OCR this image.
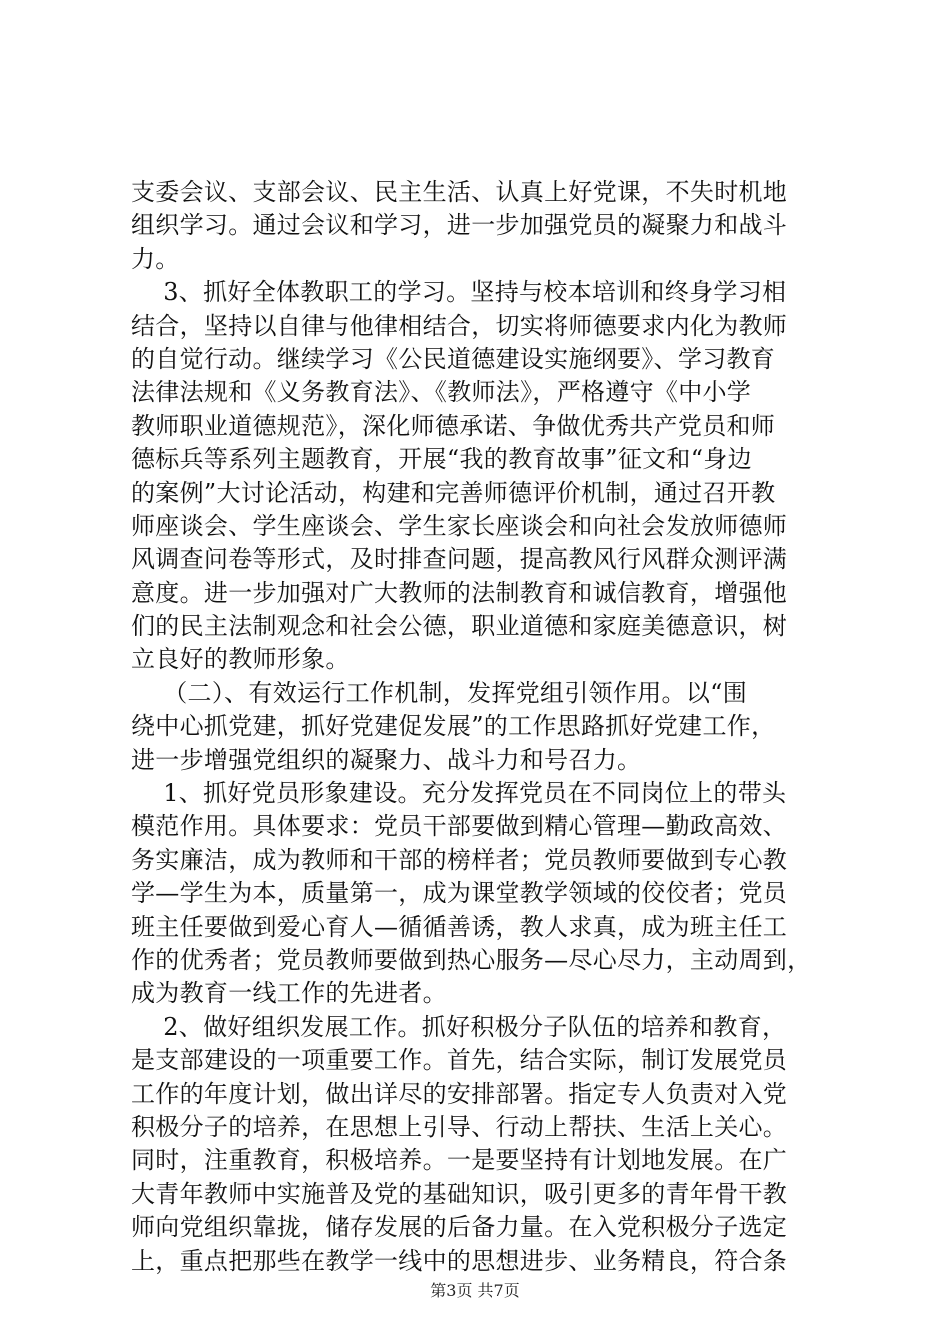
支委会议、支部会议、民主生活、认真上好党课，不失时机地
组织学习。通过会议和学习，进一步加强党员的凝聚力和战斗
力。
　 3、抓好全体教职工的学习。坚持与校本培训和终身学习相
结合，坚持以自律与他律相结合，切实将师德要求内化为教师
的自觉行动。继续学习《公民道德建设实施纲要》、学习教育
法律法规和《义务教育法》、《教师法》，严格遵守《中小学
教师职业道德规范》，深化师德承诺、争做优秀共产党员和师
德标兵等系列主题教育，开展“我的教育故事”征文和“身边
的案例”大讨论活动，构建和完善师德评价机制，通过召开教
师座谈会、学生座谈会、学生家长座谈会和向社会发放师德师
风调查问卷等形式，及时排查问题，提高教风行风群众测评满
意度。进一步加强对广大教师的法制教育和诚信教育，增强他
们的民主法制观念和社会公德，职业道德和家庭美德意识，树
立良好的教师形象。
　 （二）、有效运行工作机制，发挥党组引领作用。以“围
绕中心抓党建，抓好党建促发展”的工作思路抓好党建工作，
进一步增强党组织的凝聚力、战斗力和号召力。
　 1、抓好党员形象建设。充分发挥党员在不同岗位上的带头
模范作用。具体要求：党员干部要做到精心管理—勤政高效、
务实廉洁，成为教师和干部的榜样者；党员教师要做到专心教
学—学生为本，质量第一，成为课堂教学领域的佼佼者；党员
班主任要做到爱心育人—循循善诱，教人求真，成为班主任工
作的优秀者；党员教师要做到热心服务—尽心尽力，主动周到，
成为教育一线工作的先进者。
　 2、做好组织发展工作。抓好积极分子队伍的培养和教育，
是支部建设的一项重要工作。首先，结合实际，制订发展党员
工作的年度计划，做出详尽的安排部署。指定专人负责对入党
积极分子的培养，在思想上引导、行动上帮扶、生活上关心。
同时，注重教育，积极培养。一是要坚持有计划地发展。在广
大青年教师中实施普及党的基础知识，吸引更多的青年骨干教
师向党组织靠拢，储存发展的后备力量。在入党积极分子选定
上，重点把那些在教学一线中的思想进步、业务精良，符合条
第3页 共7页
